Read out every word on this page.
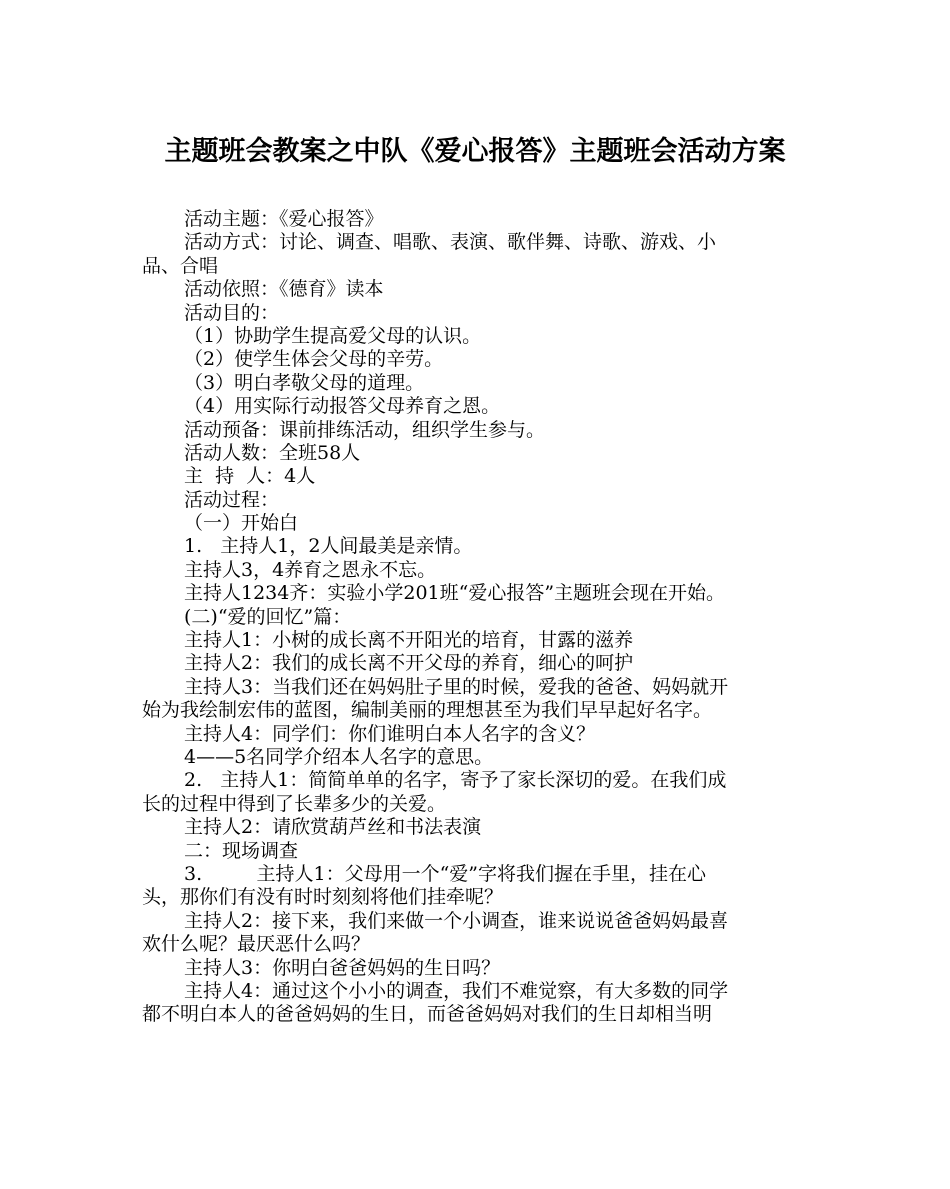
主题班会教案之中队《爱心报答》主题班会活动方案

活动主题：《爱心报答》

活动方式：讨论、调查、唱歌、表演、歌伴舞、诗歌、游戏、小

品、合唱

活动依照：《德育》读本

活动目的：

（1）协助学生提高爱父母的认识。

（2）使学生体会父母的辛劳。

（3）明白孝敬父母的道理。

（4）用实际行动报答父母养育之恩。

活动预备：课前排练活动，组织学生参与。

活动人数：全班58人

主  持  人：4人

活动过程：

（一）开始白

1.   主持人1，2人间最美是亲情。

主持人3，4养育之恩永不忘。

主持人1234齐：实验小学201班“爱心报答”主题班会现在开始。

(二)“爱的回忆”篇：

主持人1：小树的成长离不开阳光的培育，甘露的滋养

主持人2：我们的成长离不开父母的养育，细心的呵护

主持人3：当我们还在妈妈肚子里的时候，爱我的爸爸、妈妈就开

始为我绘制宏伟的蓝图，编制美丽的理想甚至为我们早早起好名字。

主持人4：同学们：你们谁明白本人名字的含义？

4——5名同学介绍本人名字的意思。

2.   主持人1：简简单单的名字，寄予了家长深切的爱。在我们成

长的过程中得到了长辈多少的关爱。

主持人2：请欣赏葫芦丝和书法表演

二：现场调查

3.         主持人1：父母用一个“爱”字将我们握在手里，挂在心

头，那你们有没有时时刻刻将他们挂牵呢？

主持人2：接下来，我们来做一个小调查，谁来说说爸爸妈妈最喜

欢什么呢？最厌恶什么吗？

主持人3：你明白爸爸妈妈的生日吗？

主持人4：通过这个小小的调查，我们不难觉察，有大多数的同学

都不明白本人的爸爸妈妈的生日，而爸爸妈妈对我们的生日却相当明
